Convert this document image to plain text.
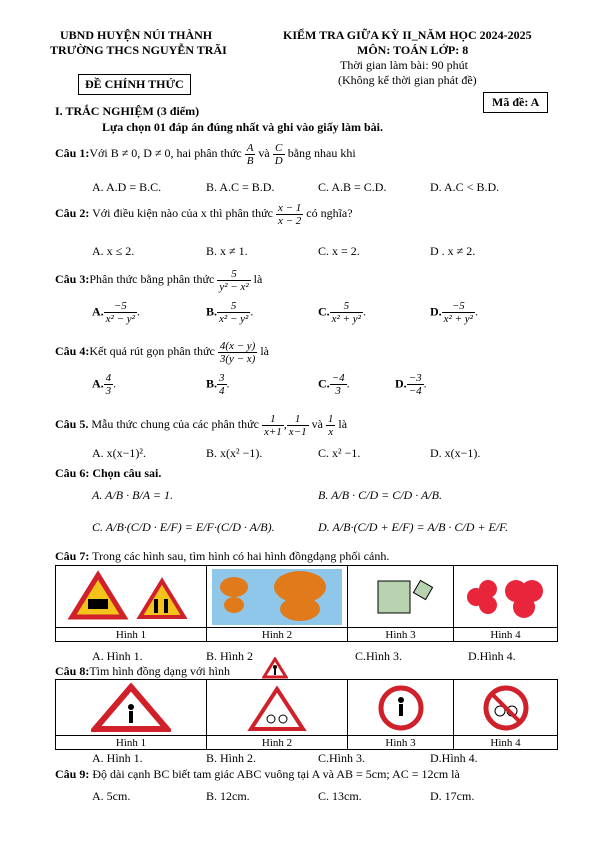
UBND HUYỆN NÚI THÀNH
TRƯỜNG THCS NGUYỄN TRÃI
ĐỀ CHÍNH THỨC
KIỂM TRA GIỮA KỲ II_NĂM HỌC 2024-2025
MÔN: TOÁN LỚP: 8
Thời gian làm bài: 90 phút
(Không kể thời gian phát đề)
Mã đề: A
I. TRẮC NGHIỆM (3 điểm)
Lựa chọn 01 đáp án đúng nhất và ghi vào giấy làm bài.
Câu 1:Với B ≠ 0, D ≠ 0, hai phân thức $\frac{A}{B}$ và $\frac{C}{D}$ bằng nhau khi
A. A.D = B.C.	B. A.C = B.D.	C. A.B = C.D.	D. A.C < B.D.
Câu 2: Với điều kiện nào của x thì phân thức $\frac{x - 1}{x - 2}$ có nghĩa?
A. x ≤ 2.	B. x ≠ 1.	C. x = 2.	D . x ≠ 2.
Câu 3:Phân thức bằng phân thức $\frac{5}{\text{y² − x²}}$ là
A. $\frac{-5}{\text{x² − y²}}$ .	B. $\frac{5}{\text{x² − y²}}$ .	C. $\frac{5}{\text{x² + y²}}$ .	D. $\frac{-5}{\text{x² + y²}}$ .
Câu 4:Kết quả rút gọn phân thức $\frac{4(x - y)}{3(y - x)}$ là
A. $\frac{4}{3}$ .	B. $\frac{3}{4}$ .	C. $\frac{-4}{3}$ .	D. $\frac{-3}{-4}$ .
Câu 5. Mẫu thức chung của các phân thức $\frac{1}{x+1}$ , $\frac{1}{x-1}$ và $\frac{1}{x}$ là
A. x(x−1)².	B. x(x² −1).	C. x² −1.	D. x(x−1).
Câu 6: Chọn câu sai.
A. A/B · B/A = 1.	B. A/B · C/D = C/D · A/B.
C. A/B·(C/D · E/F) = E/F·(C/D · A/B).	D. A/B·(C/D + E/F) = A/B · C/D + E/F.
Câu 7: Trong các hình sau, tìm hình có hai hình đồngdạng phối cảnh.

Hình 1	Hình 2	Hình 3	Hình 4
A. Hình 1.	B. Hình 2	C.Hình 3.	D.Hình 4.
Câu 8:Tìm hình đồng dạng với hình

Hình 1	Hình 2	Hình 3	Hình 4
A. Hình 1.	B. Hình 2.	C.Hình 3.	D.Hình 4.
Câu 9: Độ dài cạnh BC biết tam giác ABC vuông tại A và AB = 5cm; AC = 12cm là
A. 5cm.	B. 12cm.	C. 13cm.	D. 17cm.
